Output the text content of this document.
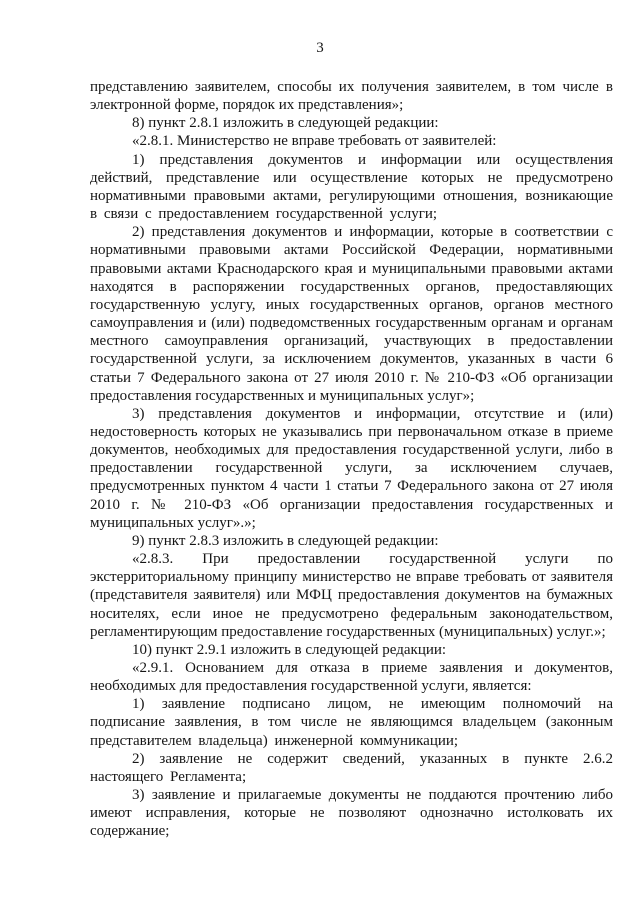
3

представлению заявителем, способы их получения заявителем, в том числе в электронной форме, порядок их представления»;

8) пункт 2.8.1 изложить в следующей редакции:

«2.8.1. Министерство не вправе требовать от заявителей:

1) представления документов и информации или осуществления действий, представление или осуществление которых не предусмотрено нормативными правовыми актами, регулирующими отношения, возникающие в связи с предоставлением государственной услуги;

2) представления документов и информации, которые в соответствии с нормативными правовыми актами Российской Федерации, нормативными правовыми актами Краснодарского края и муниципальными правовыми актами находятся в распоряжении государственных органов, предоставляющих государственную услугу, иных государственных органов, органов местного самоуправления и (или) подведомственных государственным органам и органам местного самоуправления организаций, участвующих в предоставлении государственной услуги, за исключением документов, указанных в части 6 статьи 7 Федерального закона от 27 июля 2010 г. № 210-ФЗ «Об организации предоставления государственных и муниципальных услуг»;

3) представления документов и информации, отсутствие и (или) недостоверность которых не указывались при первоначальном отказе в приеме документов, необходимых для предоставления государственной услуги, либо в предоставлении государственной услуги, за исключением случаев, предусмотренных пунктом 4 части 1 статьи 7 Федерального закона от 27 июля 2010 г. № 210-ФЗ «Об организации предоставления государственных и муниципальных услуг».»;

9) пункт 2.8.3 изложить в следующей редакции:

«2.8.3. При предоставлении государственной услуги по экстерриториальному принципу министерство не вправе требовать от заявителя (представителя заявителя) или МФЦ предоставления документов на бумажных носителях, если иное не предусмотрено федеральным законодательством, регламентирующим предоставление государственных (муниципальных) услуг.»;

10) пункт 2.9.1 изложить в следующей редакции:

«2.9.1. Основанием для отказа в приеме заявления и документов, необходимых для предоставления государственной услуги, является:

1) заявление подписано лицом, не имеющим полномочий на подписание заявления, в том числе не являющимся владельцем (законным представителем владельца) инженерной коммуникации;

2) заявление не содержит сведений, указанных в пункте 2.6.2 настоящего Регламента;

3) заявление и прилагаемые документы не поддаются прочтению либо имеют исправления, которые не позволяют однозначно истолковать их содержание;
